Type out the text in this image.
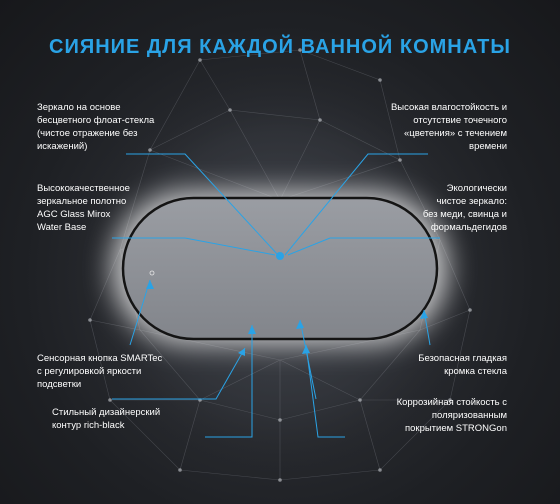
СИЯНИЕ ДЛЯ КАЖДОЙ ВАННОЙ КОМНАТЫ
Зеркало на основе
бесцветного флоат-стекла
(чистое отражение без
искажений)
Высокая влагостойкость и
отсутствие точечного
«цветения» с течением
времени
Высококачественное
зеркальное полотно
AGC Glass Mirox
Water Base
Экологически
чистое зеркало:
без меди, свинца и
формальдегидов
Сенсорная кнопка SMARTec
с регулировкой яркости
подсветки
Безопасная гладкая
кромка стекла
Стильный дизайнерский
контур rich-black
Коррозийная стойкость с
поляризованным
покрытием STRONGon
